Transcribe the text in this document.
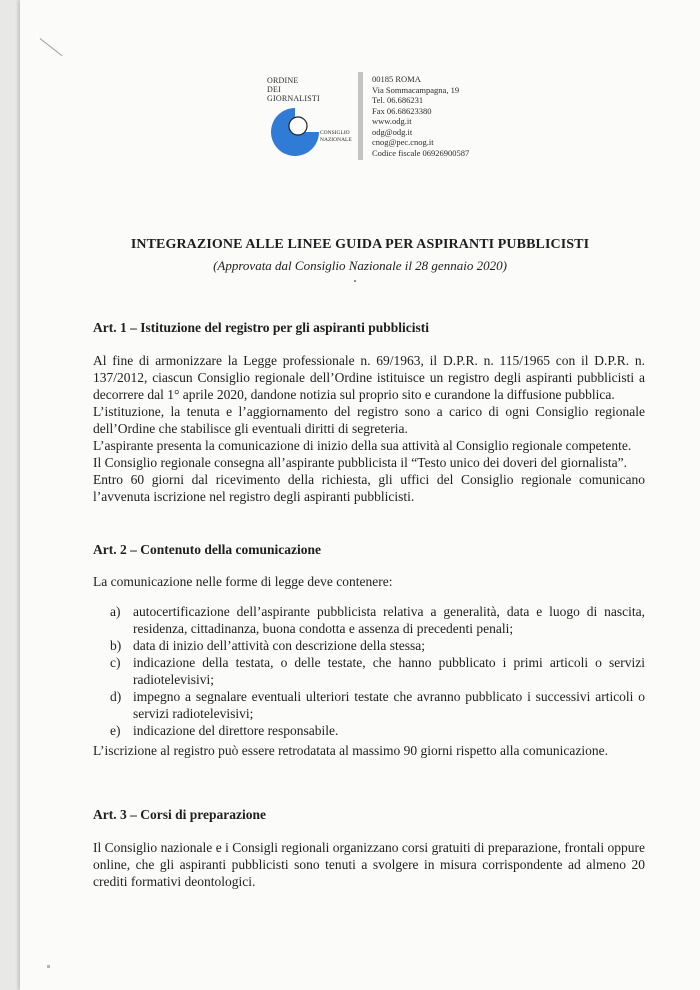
ORDINE
DEI
GIORNALISTI
CONSIGLIO
NAZIONALE
00185 ROMA
Via Sommacampagna, 19
Tel. 06.686231
Fax 06.68623380
www.odg.it
odg@odg.it
cnog@pec.cnog.it
Codice fiscale 06926900587
INTEGRAZIONE ALLE LINEE GUIDA PER ASPIRANTI PUBBLICISTI
(Approvata dal Consiglio Nazionale il 28 gennaio 2020)
Art. 1 – Istituzione del registro per gli aspiranti pubblicisti
Al fine di armonizzare la Legge professionale n. 69/1963, il D.P.R. n. 115/1965 con il D.P.R. n.
137/2012, ciascun Consiglio regionale dell’Ordine istituisce un registro degli aspiranti pubblicisti a
decorrere dal 1° aprile 2020, dandone notizia sul proprio sito e curandone la diffusione pubblica.
L’istituzione, la tenuta e l’aggiornamento del registro sono a carico di ogni Consiglio regionale
dell’Ordine che stabilisce gli eventuali diritti di segreteria.
L’aspirante presenta la comunicazione di inizio della sua attività al Consiglio regionale competente.
Il Consiglio regionale consegna all’aspirante pubblicista il “Testo unico dei doveri del giornalista”.
Entro 60 giorni dal ricevimento della richiesta, gli uffici del Consiglio regionale comunicano
l’avvenuta iscrizione nel registro degli aspiranti pubblicisti.
Art. 2 – Contenuto della comunicazione
La comunicazione nelle forme di legge deve contenere:
a) autocertificazione dell’aspirante pubblicista relativa a generalità, data e luogo di nascita, residenza, cittadinanza, buona condotta e assenza di precedenti penali;
b) data di inizio dell’attività con descrizione della stessa;
c) indicazione della testata, o delle testate, che hanno pubblicato i primi articoli o servizi radiotelevisivi;
d) impegno a segnalare eventuali ulteriori testate che avranno pubblicato i successivi articoli o servizi radiotelevisivi;
e) indicazione del direttore responsabile.
L’iscrizione al registro può essere retrodatata al massimo 90 giorni rispetto alla comunicazione.
Art. 3 – Corsi di preparazione
Il Consiglio nazionale e i Consigli regionali organizzano corsi gratuiti di preparazione, frontali oppure online, che gli aspiranti pubblicisti sono tenuti a svolgere in misura corrispondente ad almeno 20 crediti formativi deontologici.
